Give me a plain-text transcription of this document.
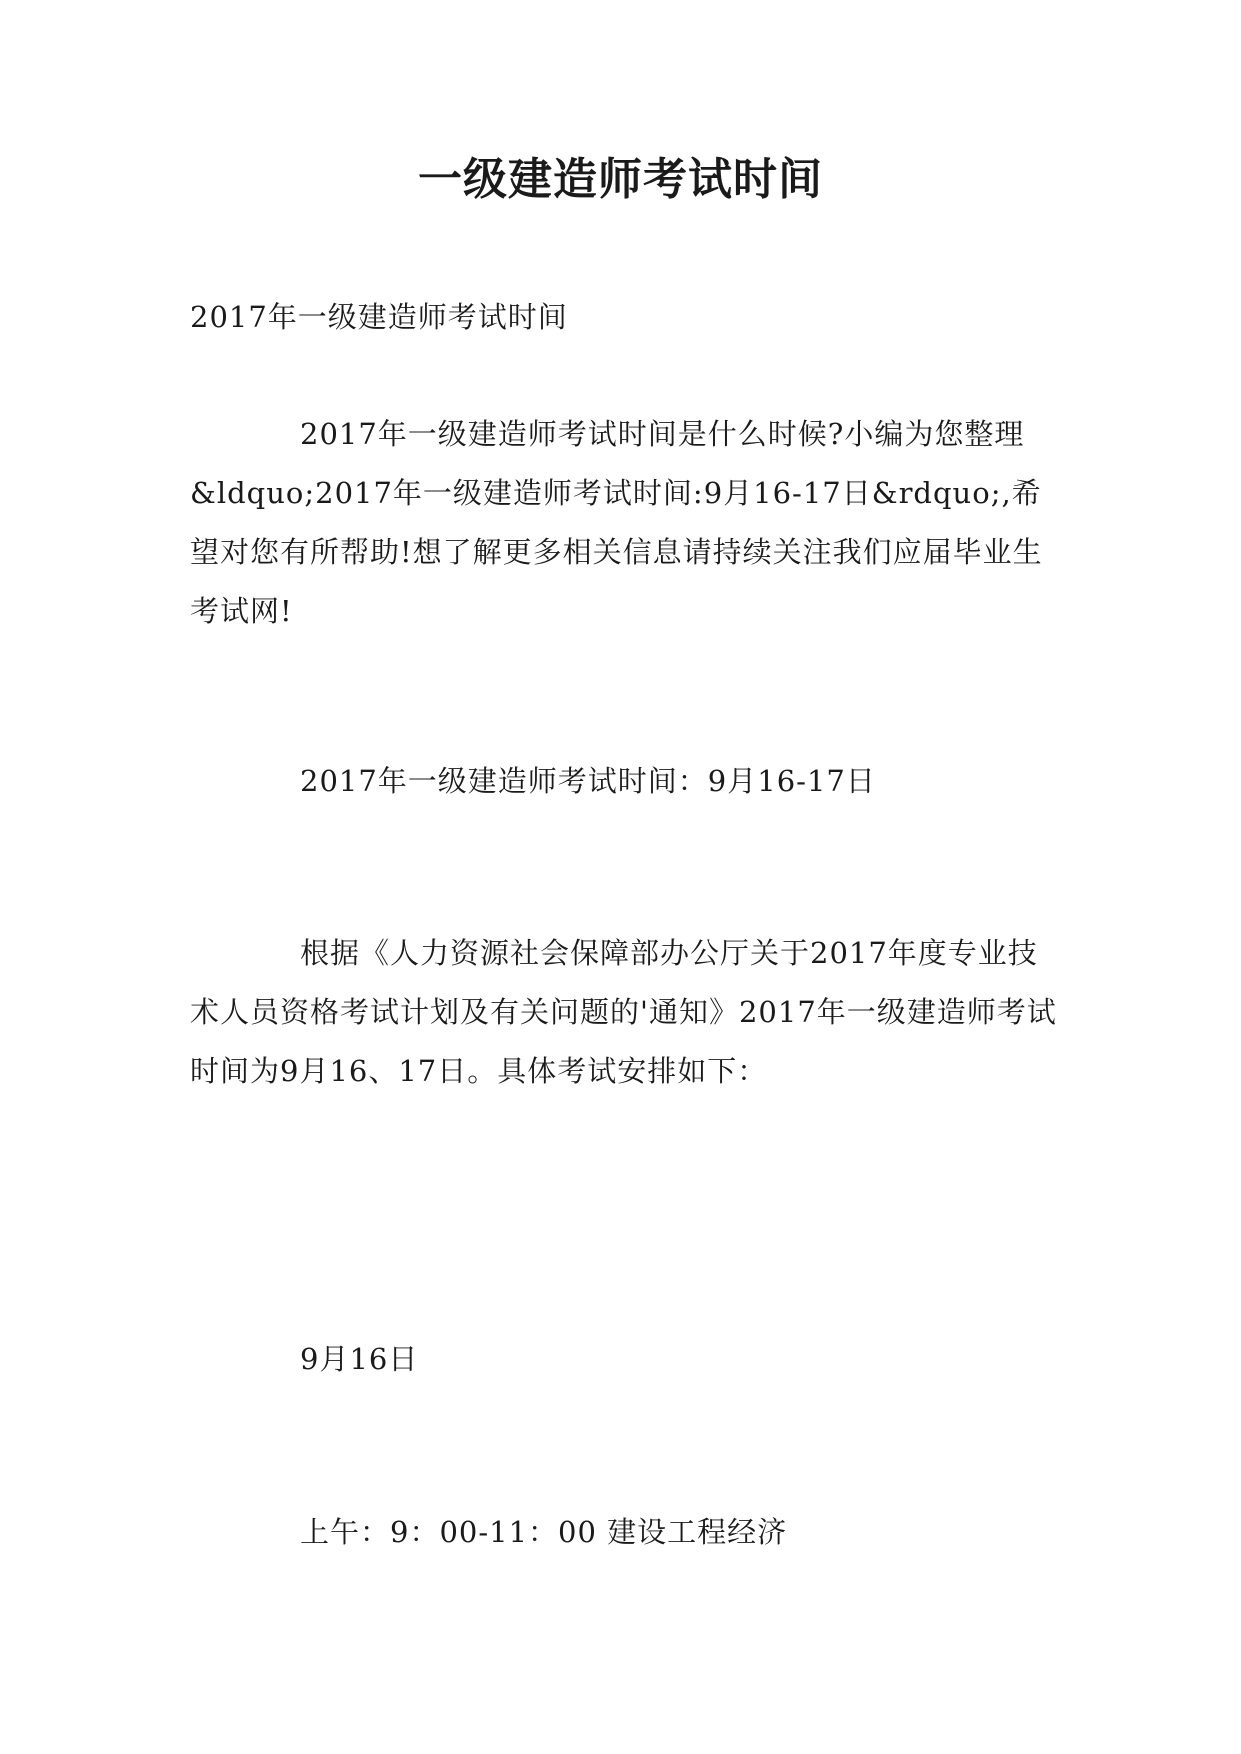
一级建造师考试时间

2017年一级建造师考试时间

2017年一级建造师考试时间是什么时候?小编为您整理&ldquo;2017年一级建造师考试时间:9月16-17日&rdquo;,希望对您有所帮助!想了解更多相关信息请持续关注我们应届毕业生考试网!

2017年一级建造师考试时间：9月16-17日

根据《人力资源社会保障部办公厅关于2017年度专业技术人员资格考试计划及有关问题的'通知》2017年一级建造师考试时间为9月16、17日。具体考试安排如下：

9月16日

上午：9：00-11：00 建设工程经济
